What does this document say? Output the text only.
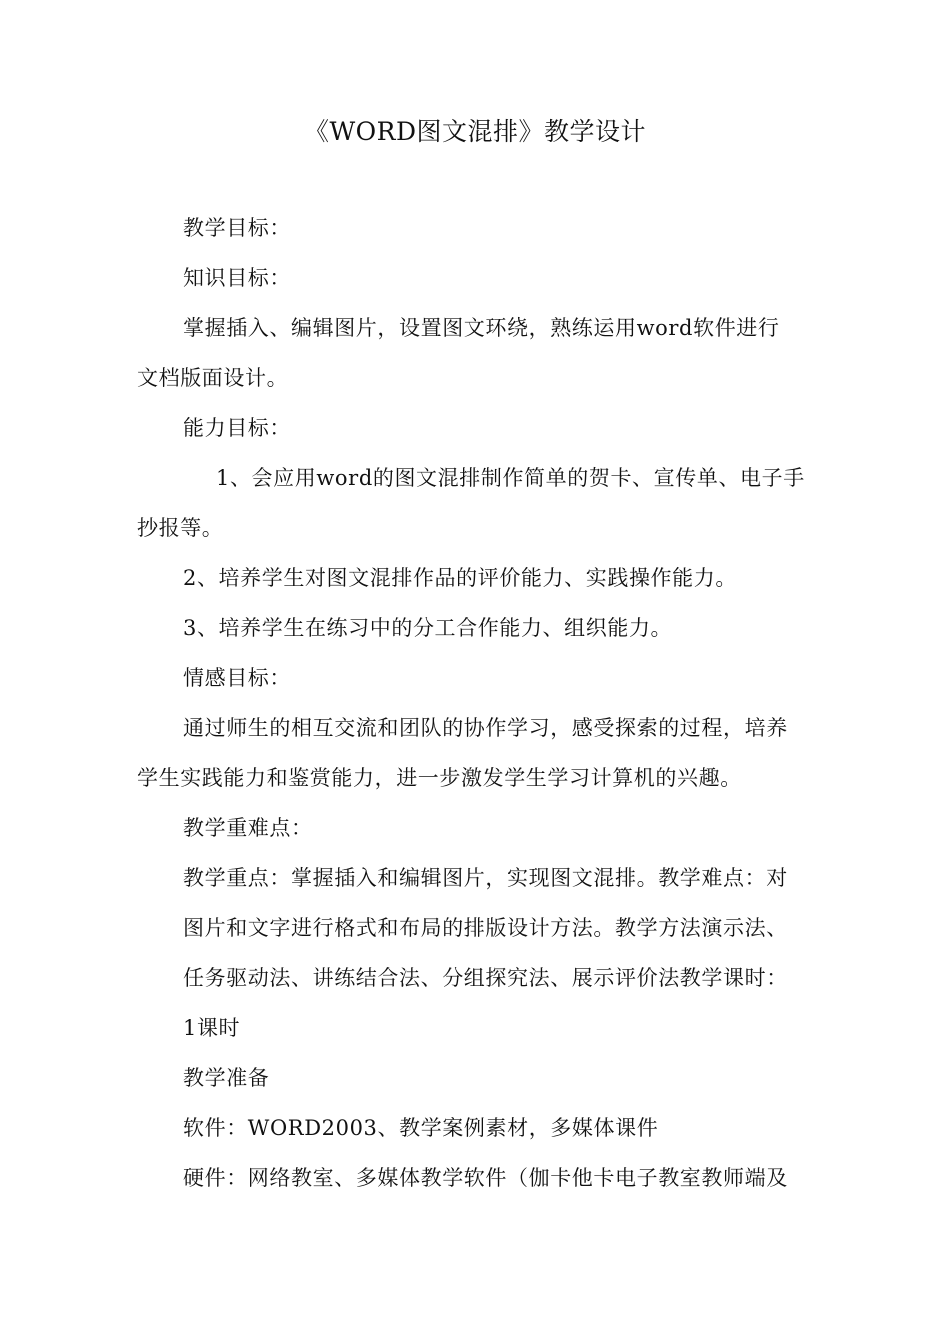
《WORD图文混排》教学设计
教学目标：
知识目标：
掌握插入、编辑图片，设置图文环绕，熟练运用word软件进行
文档版面设计。
能力目标：
1、会应用word的图文混排制作简单的贺卡、宣传单、电子手
抄报等。
2、培养学生对图文混排作品的评价能力、实践操作能力。
3、培养学生在练习中的分工合作能力、组织能力。
情感目标：
通过师生的相互交流和团队的协作学习，感受探索的过程，培养
学生实践能力和鉴赏能力，进一步激发学生学习计算机的兴趣。
教学重难点：
教学重点：掌握插入和编辑图片，实现图文混排。教学难点：对
图片和文字进行格式和布局的排版设计方法。教学方法演示法、
任务驱动法、讲练结合法、分组探究法、展示评价法教学课时：
1课时
教学准备
软件：WORD2003、教学案例素材，多媒体课件
硬件：网络教室、多媒体教学软件（伽卡他卡电子教室教师端及
